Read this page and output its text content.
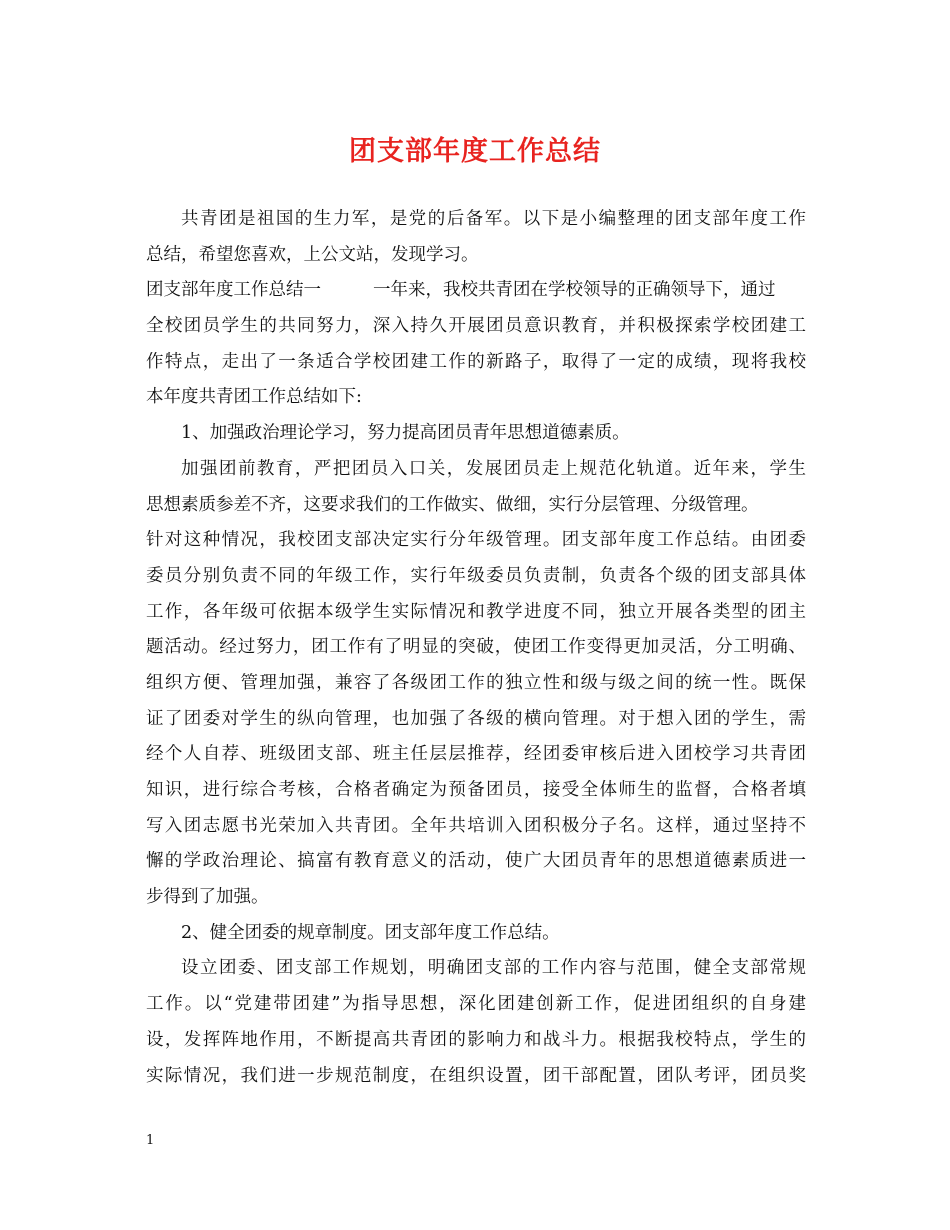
团支部年度工作总结
共青团是祖国的生力军，是党的后备军。以下是小编整理的团支部年度工作
总结，希望您喜欢，上公文站，发现学习。
团支部年度工作总结一	一年来，我校共青团在学校领导的正确领导下，通过
全校团员学生的共同努力，深入持久开展团员意识教育，并积极探索学校团建工
作特点，走出了一条适合学校团建工作的新路子，取得了一定的成绩，现将我校
本年度共青团工作总结如下:
1、加强政治理论学习，努力提高团员青年思想道德素质。
加强团前教育，严把团员入口关，发展团员走上规范化轨道。近年来，学生
思想素质参差不齐，这要求我们的工作做实、做细，实行分层管理、分级管理。
针对这种情况，我校团支部决定实行分年级管理。团支部年度工作总结。由团委
委员分别负责不同的年级工作，实行年级委员负责制，负责各个级的团支部具体
工作，各年级可依据本级学生实际情况和教学进度不同，独立开展各类型的团主
题活动。经过努力，团工作有了明显的突破，使团工作变得更加灵活，分工明确、
组织方便、管理加强，兼容了各级团工作的独立性和级与级之间的统一性。既保
证了团委对学生的纵向管理，也加强了各级的横向管理。对于想入团的学生，需
经个人自荐、班级团支部、班主任层层推荐，经团委审核后进入团校学习共青团
知识，进行综合考核，合格者确定为预备团员，接受全体师生的监督，合格者填
写入团志愿书光荣加入共青团。全年共培训入团积极分子名。这样，通过坚持不
懈的学政治理论、搞富有教育意义的活动，使广大团员青年的思想道德素质进一
步得到了加强。
2、健全团委的规章制度。团支部年度工作总结。
设立团委、团支部工作规划，明确团支部的工作内容与范围，健全支部常规
工作。以“党建带团建”为指导思想，深化团建创新工作，促进团组织的自身建
设，发挥阵地作用，不断提高共青团的影响力和战斗力。根据我校特点，学生的
实际情况，我们进一步规范制度，在组织设置，团干部配置，团队考评，团员奖
1
